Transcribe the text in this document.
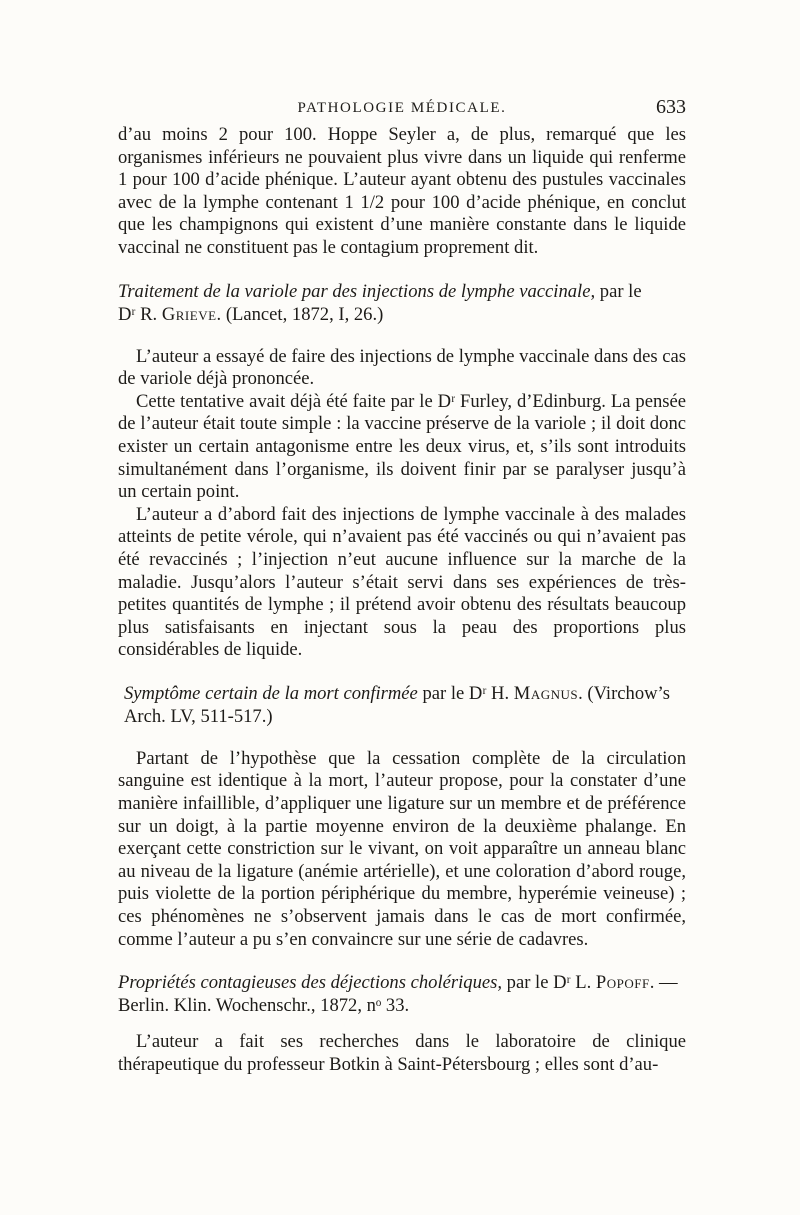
PATHOLOGIE MÉDICALE.	633

d’au moins 2 pour 100. Hoppe Seyler a, de plus, remarqué que les organismes inférieurs ne pouvaient plus vivre dans un liquide qui renferme 1 pour 100 d’acide phénique. L’auteur ayant obtenu des pustules vaccinales avec de la lymphe contenant 1 1/2 pour 100 d’acide phénique, en conclut que les champignons qui existent d’une manière constante dans le liquide vaccinal ne constituent pas le contagium proprement dit.

Traitement de la variole par des injections de lymphe vaccinale, par le
Dʳ R. Grieve. (Lancet, 1872, I, 26.)

L’auteur a essayé de faire des injections de lymphe vaccinale dans des cas de variole déjà prononcée.

Cette tentative avait déjà été faite par le Dʳ Furley, d’Edinburg. La pensée de l’auteur était toute simple : la vaccine préserve de la variole ; il doit donc exister un certain antagonisme entre les deux virus, et, s’ils sont introduits simultanément dans l’organisme, ils doivent finir par se paralyser jusqu’à un certain point.

L’auteur a d’abord fait des injections de lymphe vaccinale à des malades atteints de petite vérole, qui n’avaient pas été vaccinés ou qui n’avaient pas été revaccinés ; l’injection n’eut aucune influence sur la marche de la maladie. Jusqu’alors l’auteur s’était servi dans ses expériences de très-petites quantités de lymphe ; il prétend avoir obtenu des résultats beaucoup plus satisfaisants en injectant sous la peau des proportions plus considérables de liquide.

Symptôme certain de la mort confirmée par le Dʳ H. Magnus. (Virchow’s
Arch. LV, 511-517.)

Partant de l’hypothèse que la cessation complète de la circulation sanguine est identique à la mort, l’auteur propose, pour la constater d’une manière infaillible, d’appliquer une ligature sur un membre et de préférence sur un doigt, à la partie moyenne environ de la deuxième phalange. En exerçant cette constriction sur le vivant, on voit apparaître un anneau blanc au niveau de la ligature (anémie artérielle), et une coloration d’abord rouge, puis violette de la portion périphérique du membre, hyperémie veineuse) ; ces phénomènes ne s’observent jamais dans le cas de mort confirmée, comme l’auteur a pu s’en convaincre sur une série de cadavres.

Propriétés contagieuses des déjections cholériques, par le Dʳ L. Popoff. —
Berlin. Klin. Wochenschr., 1872, nᵒ 33.

L’auteur a fait ses recherches dans le laboratoire de clinique thérapeutique du professeur Botkin à Saint-Pétersbourg ; elles sont d’au-
